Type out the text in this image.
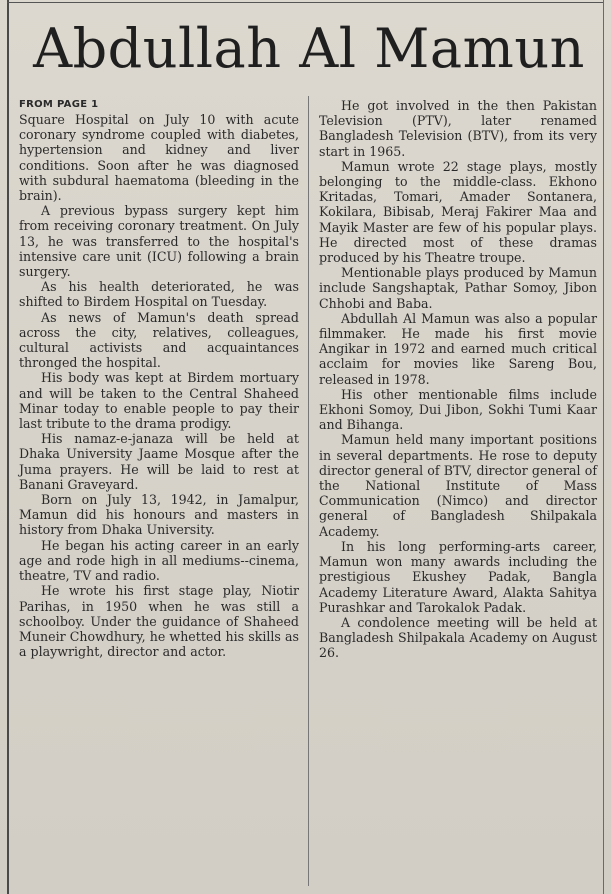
Abdullah Al Mamun
FROM PAGE 1

Square Hospital on July 10 with acute coronary syndrome coupled with diabetes, hypertension and kidney and liver conditions. Soon after he was diagnosed with subdural haematoma (bleeding in the brain).

A previous bypass surgery kept him from receiving coronary treatment. On July 13, he was transferred to the hospital's intensive care unit (ICU) following a brain surgery.

As his health deteriorated, he was shifted to Birdem Hospital on Tuesday.

As news of Mamun's death spread across the city, relatives, colleagues, cultural activists and acquaintances thronged the hospital.

His body was kept at Birdem mortuary and will be taken to the Central Shaheed Minar today to enable people to pay their last tribute to the drama prodigy.

His namaz-e-janaza will be held at Dhaka University Jaame Mosque after the Juma prayers. He will be laid to rest at Banani Graveyard.

Born on July 13, 1942, in Jamalpur, Mamun did his honours and masters in history from Dhaka University.

He began his acting career in an early age and rode high in all mediums--cinema, theatre, TV and radio.

He wrote his first stage play, Niotir Parihas, in 1950 when he was still a schoolboy. Under the guidance of Shaheed Muneir Chowdhury, he whetted his skills as a playwright, director and actor.

He got involved in the then Pakistan Television (PTV), later renamed Bangladesh Television (BTV), from its very start in 1965.

Mamun wrote 22 stage plays, mostly belonging to the middle-class. Ekhono Kritadas, Tomari, Amader Sontanera, Kokilara, Bibisab, Meraj Fakirer Maa and Mayik Master are few of his popular plays. He directed most of these dramas produced by his Theatre troupe.

Mentionable plays produced by Mamun include Sangshaptak, Pathar Somoy, Jibon Chhobi and Baba.

Abdullah Al Mamun was also a popular filmmaker. He made his first movie Angikar in 1972 and earned much critical acclaim for movies like Sareng Bou, released in 1978.

His other mentionable films include Ekhoni Somoy, Dui Jibon, Sokhi Tumi Kaar and Bihanga.

Mamun held many important positions in several departments. He rose to deputy director general of BTV, director general of the National Institute of Mass Communication (Nimco) and director general of Bangladesh Shilpakala Academy.

In his long performing-arts career, Mamun won many awards including the prestigious Ekushey Padak, Bangla Academy Literature Award, Alakta Sahitya Purashkar and Tarokalok Padak.

A condolence meeting will be held at Bangladesh Shilpakala Academy on August 26.
